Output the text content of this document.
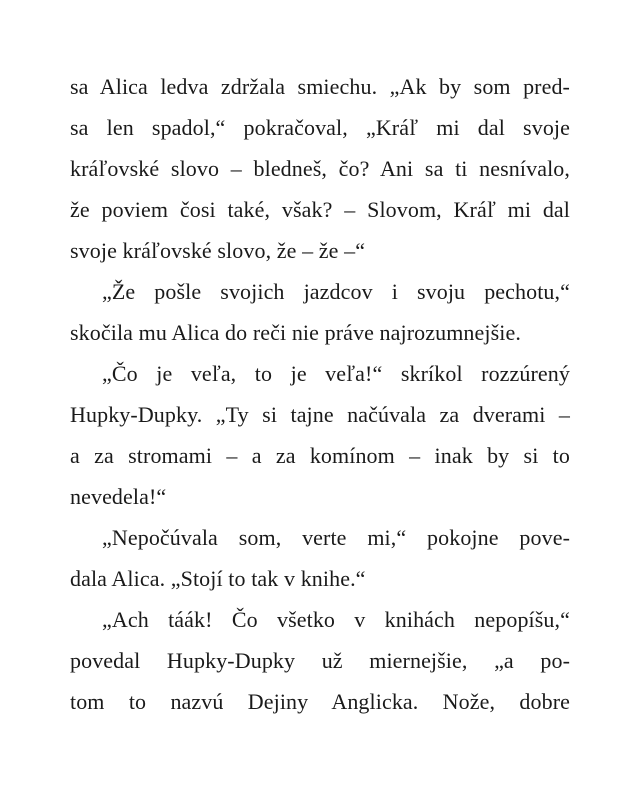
sa Alica ledva zdržala smiechu. „Ak by som pred-
sa len spadol,“ pokračoval, „Kráľ mi dal svoje
kráľovské slovo – bledneš, čo? Ani sa ti nesnívalo,
že poviem čosi také, však? – Slovom, Kráľ mi dal
svoje kráľovské slovo, že – že –“
„Že pošle svojich jazdcov i svoju pechotu,“
skočila mu Alica do reči nie práve najrozumnejšie.
„Čo je veľa, to je veľa!“ skríkol rozzúrený
Hupky-Dupky. „Ty si tajne načúvala za dverami –
a za stromami – a za komínom – inak by si to
nevedela!“
„Nepočúvala som, verte mi,“ pokojne pove-
dala Alica. „Stojí to tak v knihe.“
„Ach táák! Čo všetko v knihách nepopíšu,“
povedal Hupky-Dupky už miernejšie, „a po-
tom to nazvú Dejiny Anglicka. Nože, dobre
